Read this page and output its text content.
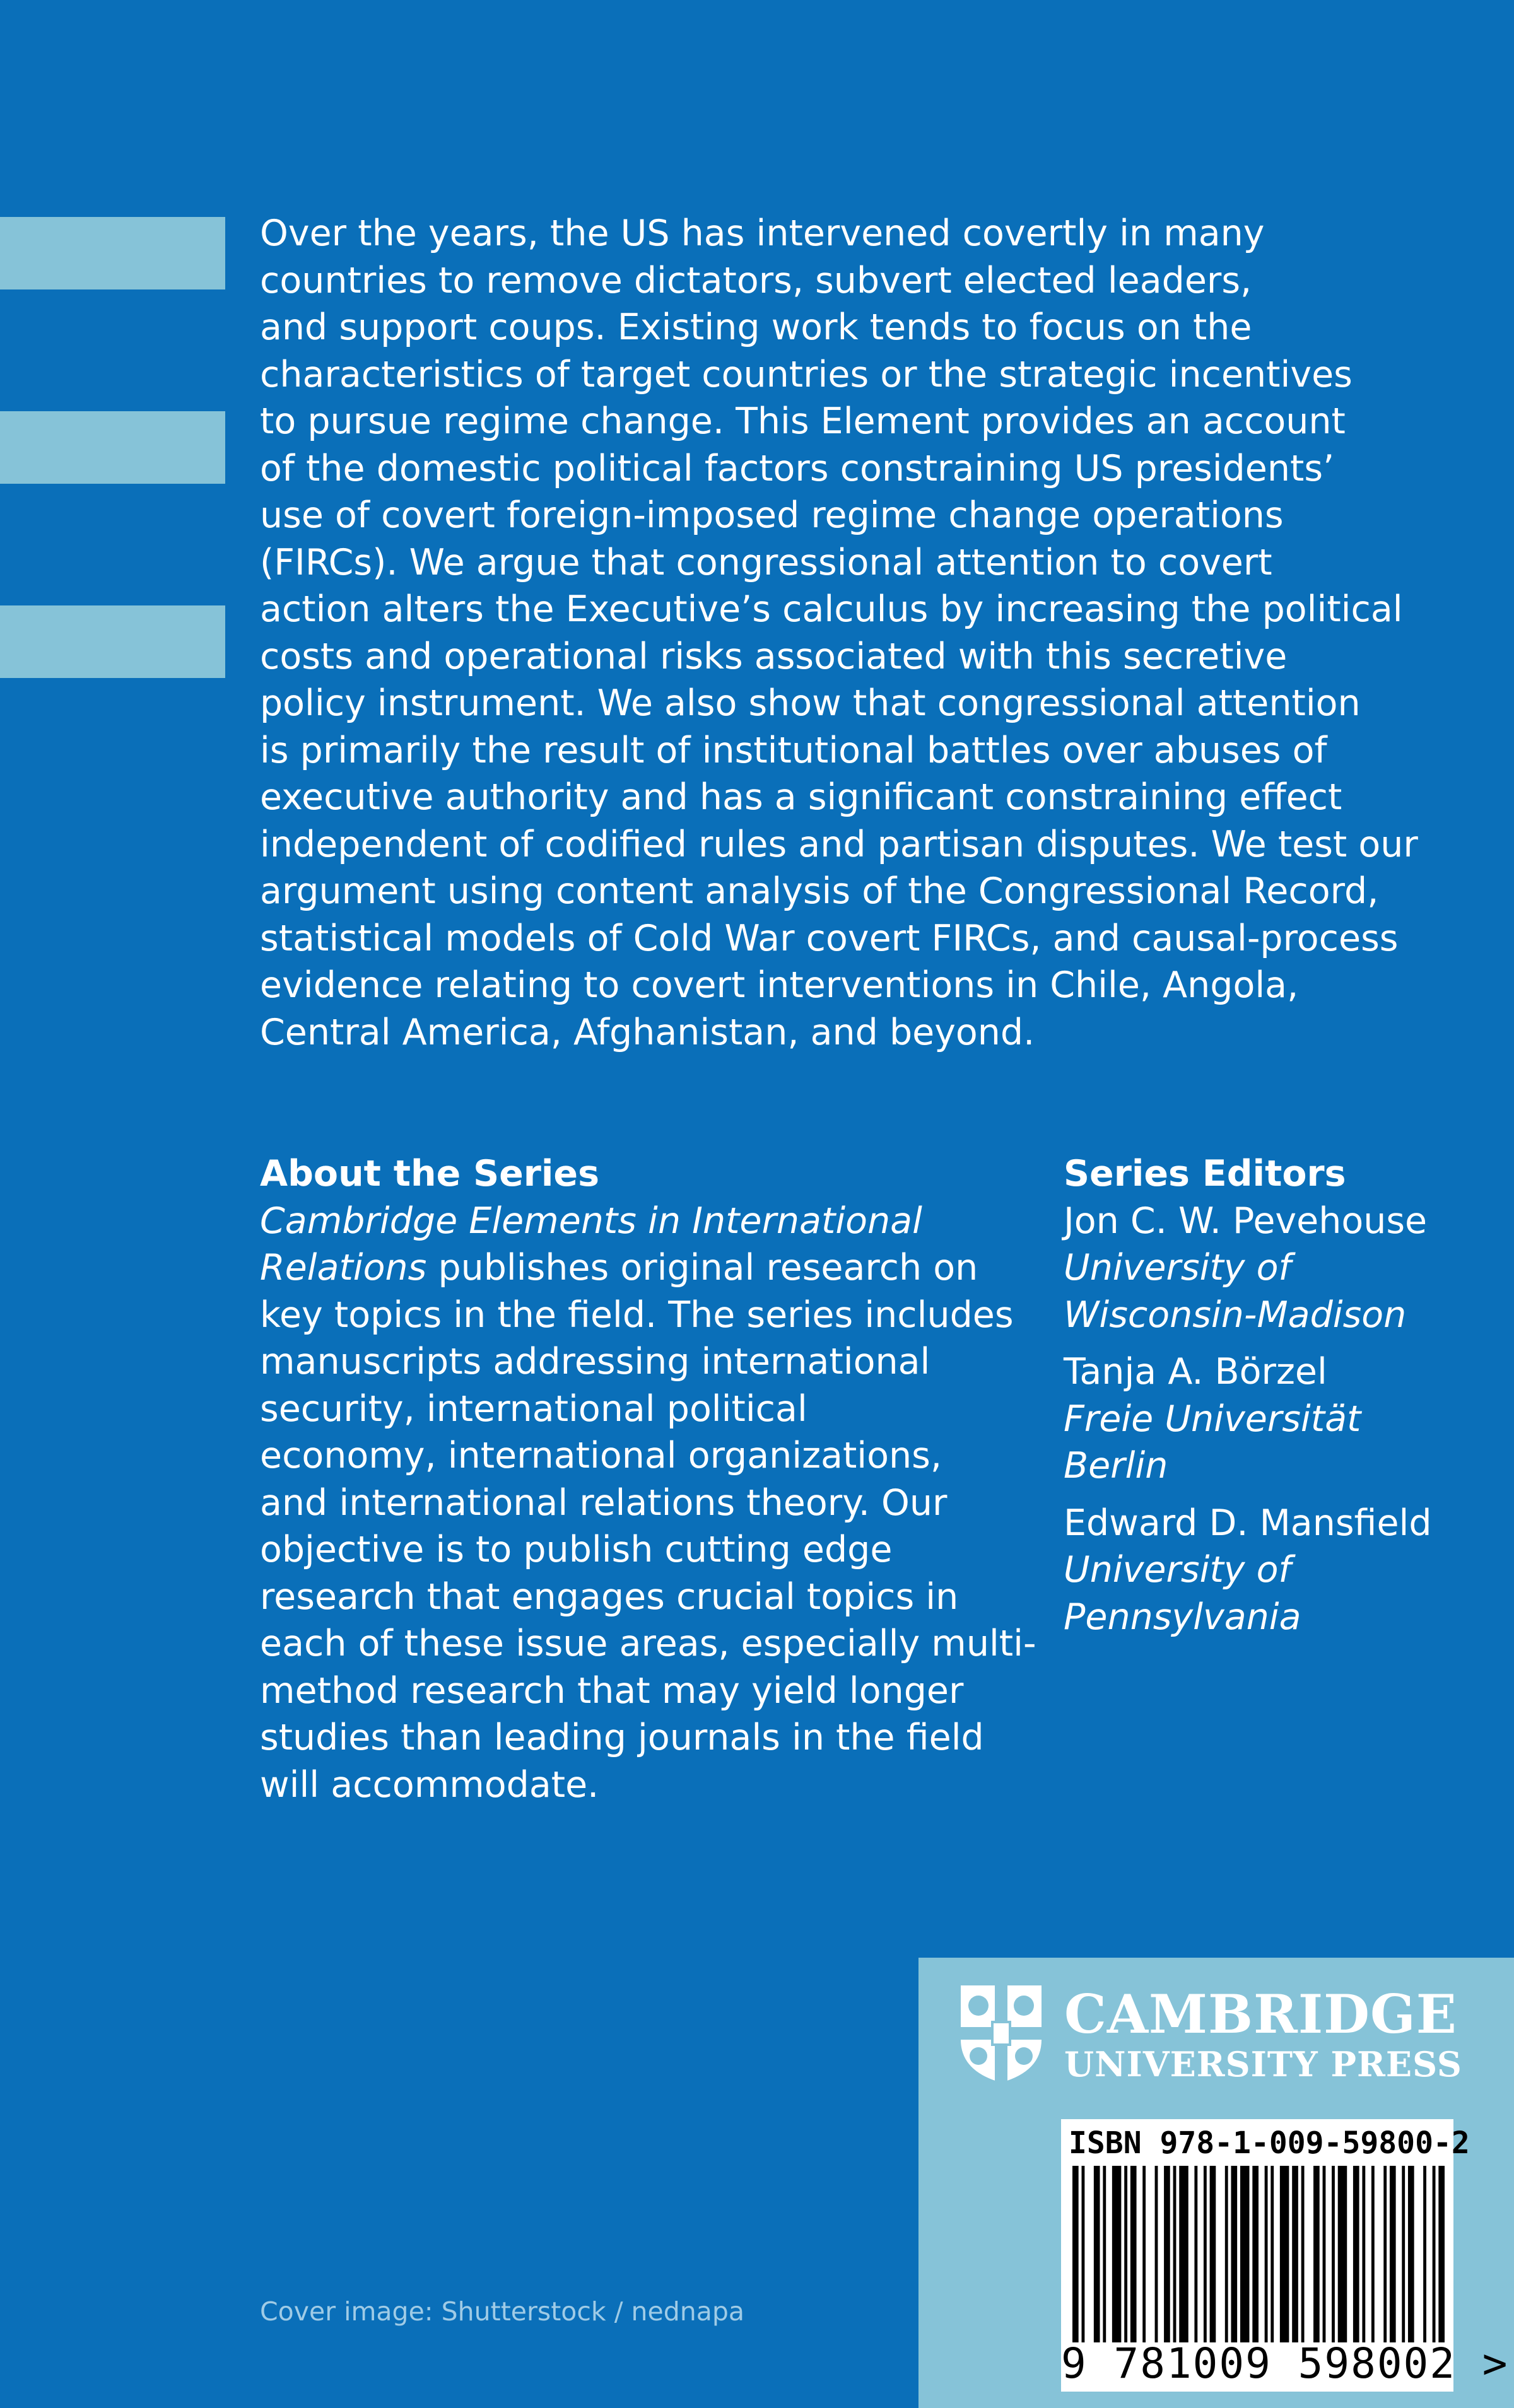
Over the years, the US has intervened covertly in many
countries to remove dictators, subvert elected leaders,
and support coups. Existing work tends to focus on the
characteristics of target countries or the strategic incentives
to pursue regime change. This Element provides an account
of the domestic political factors constraining US presidents’
use of covert foreign-imposed regime change operations
(FIRCs). We argue that congressional attention to covert
action alters the Executive’s calculus by increasing the political
costs and operational risks associated with this secretive
policy instrument. We also show that congressional attention
is primarily the result of institutional battles over abuses of
executive authority and has a significant constraining effect
independent of codified rules and partisan disputes. We test our
argument using content analysis of the Congressional Record,
statistical models of Cold War covert FIRCs, and causal-process
evidence relating to covert interventions in Chile, Angola,
Central America, Afghanistan, and beyond.
About the Series
Cambridge Elements in International
Relations publishes original research on
key topics in the field. The series includes
manuscripts addressing international
security, international political
economy, international organizations,
and international relations theory. Our
objective is to publish cutting edge
research that engages crucial topics in
each of these issue areas, especially multi-
method research that may yield longer
studies than leading journals in the field
will accommodate.
Series Editors
Jon C. W. Pevehouse
University of
Wisconsin-Madison
Tanja A. Börzel
Freie Universität
Berlin
Edward D. Mansfield
University of
Pennsylvania
Cover image: Shutterstock / nednapa
CAMBRIDGE
UNIVERSITY PRESS
ISBN 978-1-009-59800-2
9 781009 598002 >
